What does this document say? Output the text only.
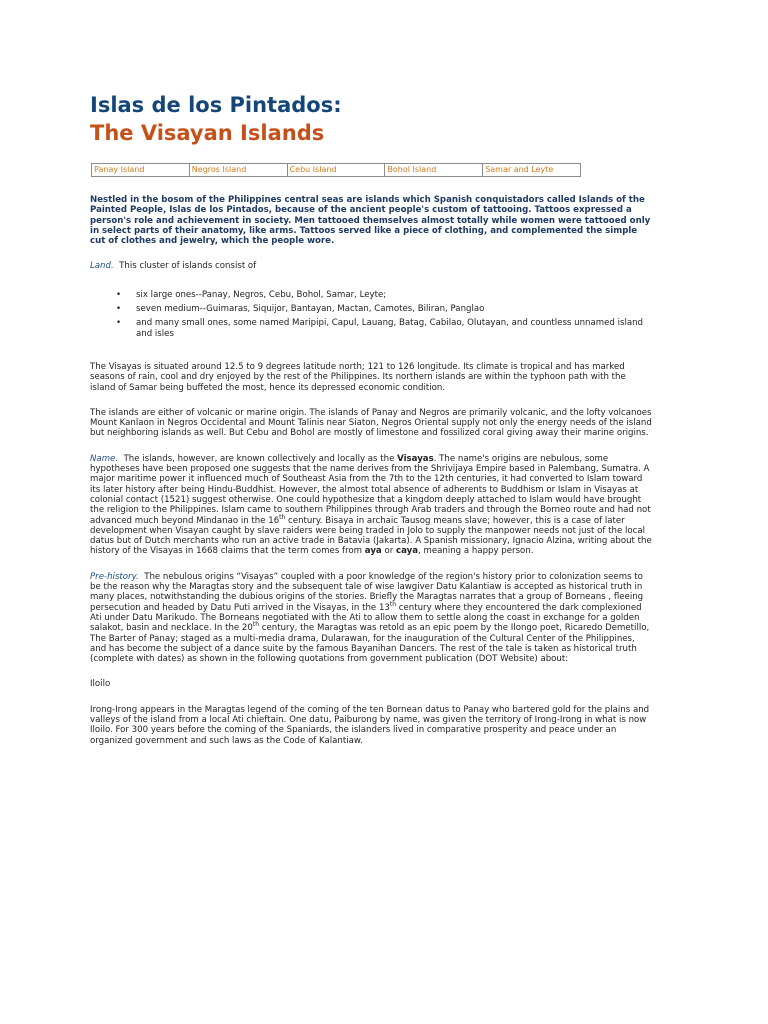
Islas de los Pintados:
The Visayan Islands
Panay Island	Negros Island	Cebu Island	Bohol Island	Samar and Leyte

Nestled in the bosom of the Philippines central seas are islands which Spanish conquistadors called Islands of the Painted People, Islas de los Pintados, because of the ancient people's custom of tattooing. Tattoos expressed a person's role and achievement in society. Men tattooed themselves almost totally while women were tattooed only in select parts of their anatomy, like arms. Tattoos served like a piece of clothing, and complemented the simple cut of clothes and jewelry, which the people wore.

Land. This cluster of islands consist of

• six large ones--Panay, Negros, Cebu, Bohol, Samar, Leyte;
• seven medium--Guimaras, Siquijor, Bantayan, Mactan, Camotes, Biliran, Panglao
• and many small ones, some named Maripipi, Capul, Lauang, Batag, Cabilao, Olutayan, and countless unnamed island and isles

The Visayas is situated around 12.5 to 9 degrees latitude north; 121 to 126 longitude. Its climate is tropical and has marked seasons of rain, cool and dry enjoyed by the rest of the Philippines. Its northern islands are within the typhoon path with the island of Samar being buffeted the most, hence its depressed economic condition.

The islands are either of volcanic or marine origin. The islands of Panay and Negros are primarily volcanic, and the lofty volcanoes Mount Kanlaon in Negros Occidental and Mount Talinis near Siaton, Negros Oriental supply not only the energy needs of the island but neighboring islands as well. But Cebu and Bohol are mostly of limestone and fossilized coral giving away their marine origins.

Name. The islands, however, are known collectively and locally as the Visayas. The name's origins are nebulous, some hypotheses have been proposed one suggests that the name derives from the Shrivijaya Empire based in Palembang, Sumatra. A major maritime power it influenced much of Southeast Asia from the 7th to the 12th centuries, it had converted to Islam toward its later history after being Hindu-Buddhist. However, the almost total absence of adherents to Buddhism or Islam in Visayas at colonial contact (1521) suggest otherwise. One could hypothesize that a kingdom deeply attached to Islam would have brought the religion to the Philippines. Islam came to southern Philippines through Arab traders and through the Borneo route and had not advanced much beyond Mindanao in the 16th century. Bisaya in archaic Tausog means slave; however, this is a case of later development when Visayan caught by slave raiders were being traded in Jolo to supply the manpower needs not just of the local datus but of Dutch merchants who run an active trade in Batavia (Jakarta). A Spanish missionary, Ignacio Alzina, writing about the history of the Visayas in 1668 claims that the term comes from aya or caya, meaning a happy person.

Pre-history. The nebulous origins “Visayas” coupled with a poor knowledge of the region's history prior to colonization seems to be the reason why the Maragtas story and the subsequent tale of wise lawgiver Datu Kalantiaw is accepted as historical truth in many places, notwithstanding the dubious origins of the stories. Briefly the Maragtas narrates that a group of Borneans , fleeing persecution and headed by Datu Puti arrived in the Visayas, in the 13th century where they encountered the dark complexioned Ati under Datu Marikudo. The Borneans negotiated with the Ati to allow them to settle along the coast in exchange for a golden salakot, basin and necklace. In the 20th century, the Maragtas was retold as an epic poem by the Ilongo poet, Ricaredo Demetillo, The Barter of Panay; staged as a multi-media drama, Dularawan, for the inauguration of the Cultural Center of the Philippines, and has become the subject of a dance suite by the famous Bayanihan Dancers. The rest of the tale is taken as historical truth (complete with dates) as shown in the following quotations from government publication (DOT Website) about:

Iloilo

Irong-Irong appears in the Maragtas legend of the coming of the ten Bornean datus to Panay who bartered gold for the plains and valleys of the island from a local Ati chieftain. One datu, Paiburong by name, was given the territory of Irong-Irong in what is now Iloilo. For 300 years before the coming of the Spaniards, the islanders lived in comparative prosperity and peace under an organized government and such laws as the Code of Kalantiaw.
